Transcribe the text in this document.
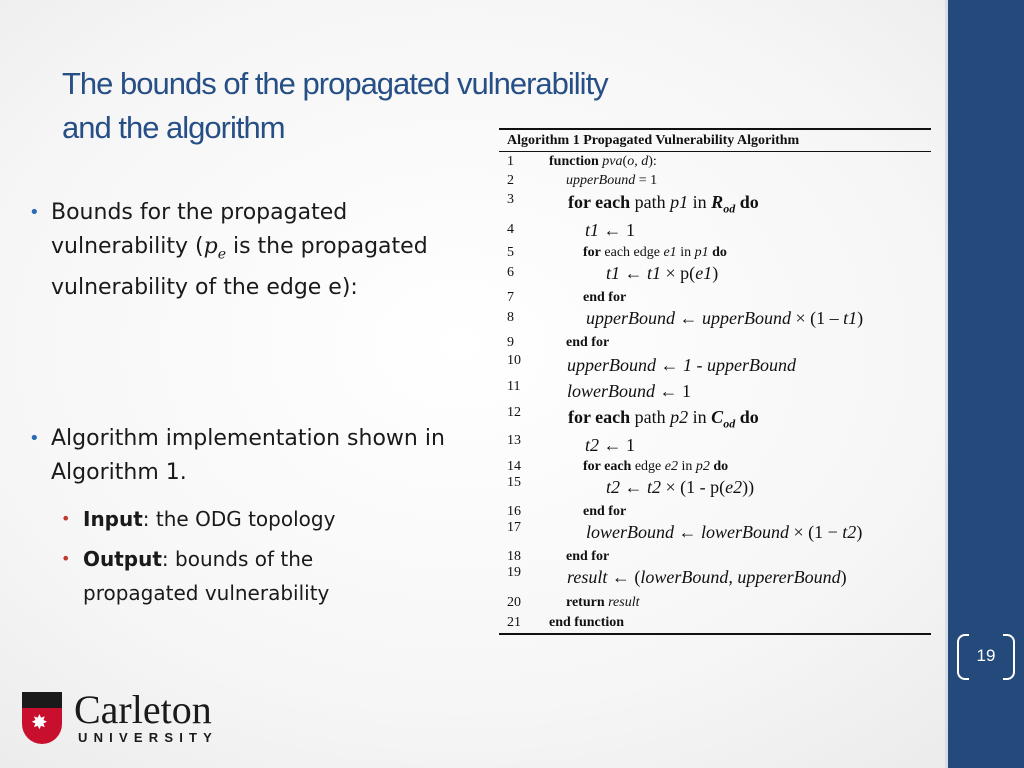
19
The bounds of the propagated vulnerability
and the algorithm
• Bounds for the propagated vulnerability ($p_e$ is the propagated vulnerability of the edge e):
• Algorithm implementation shown in Algorithm 1.
• Input: the ODG topology
• Output: bounds of the propagated vulnerability
Algorithm 1 Propagated Vulnerability Algorithm
1	function pva(o, d):
2	upperBound = 1
3	for each path p1 in $R_{od}$ do
4	t1 ← 1
5	for each edge e1 in p1 do
6	t1 ← t1 × p(e1)
7	end for
8	upperBound ← upperBound × (1 – t1)
9	end for
10	upperBound ← 1 - upperBound
11	lowerBound ← 1
12	for each path p2 in $C_{od}$ do
13	t2 ← 1
14	for each edge e2 in p2 do
15	t2 ← t2 × (1 - p(e2))
16	end for
17	lowerBound ← lowerBound × (1 − t2)
18	end for
19	result ← (lowerBound, uppererBound)
20	return result
21 end function
✸ Carleton
UNIVERSITY
